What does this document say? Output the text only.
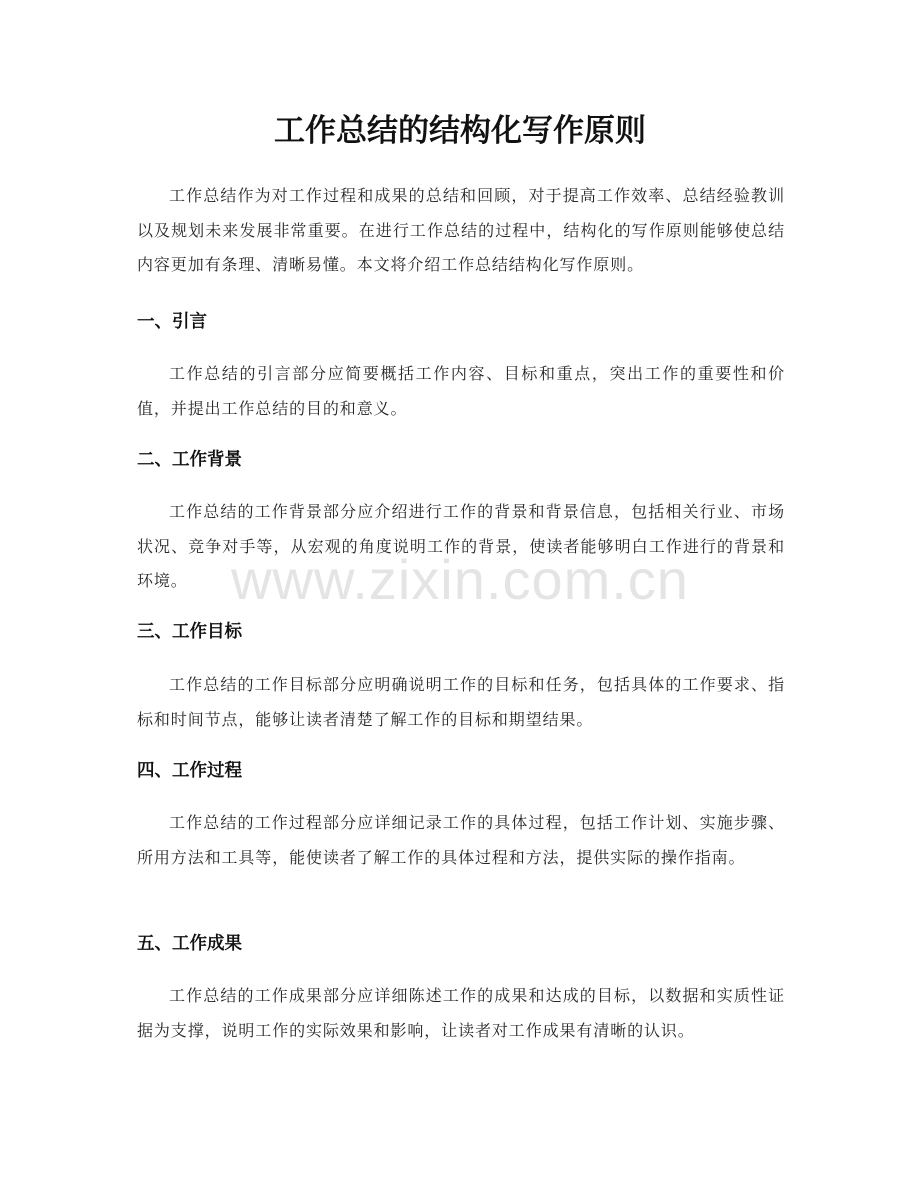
工作总结的结构化写作原则

工作总结作为对工作过程和成果的总结和回顾，对于提高工作效率、总结经验教训以及规划未来发展非常重要。在进行工作总结的过程中，结构化的写作原则能够使总结内容更加有条理、清晰易懂。本文将介绍工作总结结构化写作原则。

一、引言

工作总结的引言部分应简要概括工作内容、目标和重点，突出工作的重要性和价值，并提出工作总结的目的和意义。

二、工作背景

工作总结的工作背景部分应介绍进行工作的背景和背景信息，包括相关行业、市场状况、竞争对手等，从宏观的角度说明工作的背景，使读者能够明白工作进行的背景和环境。

三、工作目标

工作总结的工作目标部分应明确说明工作的目标和任务，包括具体的工作要求、指标和时间节点，能够让读者清楚了解工作的目标和期望结果。

四、工作过程

工作总结的工作过程部分应详细记录工作的具体过程，包括工作计划、实施步骤、所用方法和工具等，能使读者了解工作的具体过程和方法，提供实际的操作指南。

五、工作成果

工作总结的工作成果部分应详细陈述工作的成果和达成的目标，以数据和实质性证据为支撑，说明工作的实际效果和影响，让读者对工作成果有清晰的认识。

www.zixin.com.cn
